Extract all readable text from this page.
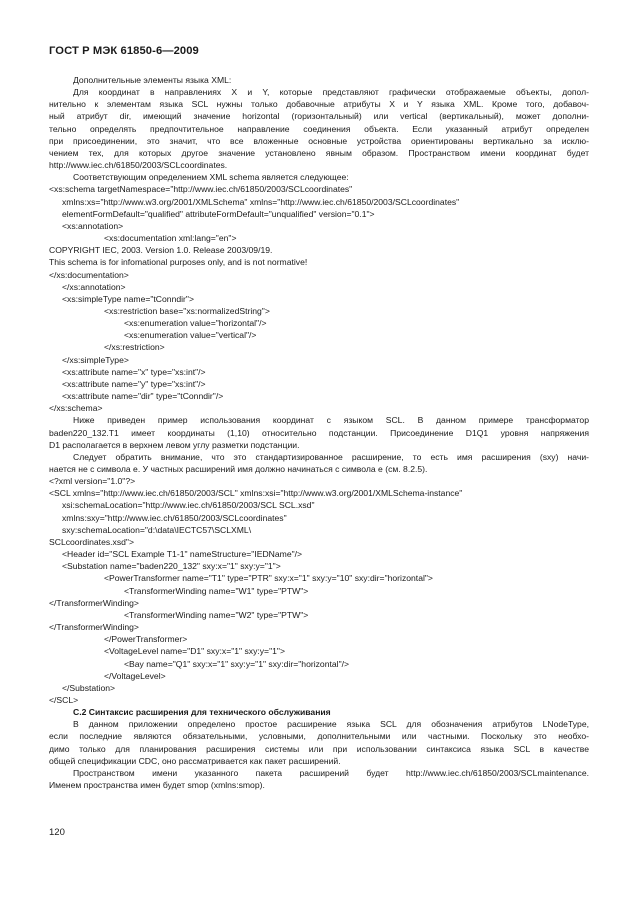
ГОСТ Р МЭК 61850-6—2009
Дополнительные элементы языка XML:
Для координат в направлениях X и Y, которые представляют графически отображаемые объекты, допол-
нительно к элементам языка SCL нужны только добавочные атрибуты X и Y языка XML. Кроме того, добавоч-
ный атрибут dir, имеющий значение horizontal (горизонтальный) или vertical (вертикальный), может дополни-
тельно определять предпочтительное направление соединения объекта. Если указанный атрибут определен
при присоединении, это значит, что все вложенные основные устройства ориентированы вертикально за исклю-
чением тех, для которых другое значение установлено явным образом. Пространством имени координат будет
http://www.iec.ch/61850/2003/SCLcoordinates.
Соответствующим определением XML schema является следующее:
<xs:schema targetNamespace="http://www.iec.ch/61850/2003/SCLcoordinates"
xmlns:xs="http://www.w3.org/2001/XMLSchema" xmlns="http://www.iec.ch/61850/2003/SCLcoordinates"
elementFormDefault="qualified" attributeFormDefault="unqualified" version="0.1">
<xs:annotation>
<xs:documentation xml:lang="en">
COPYRIGHT IEC, 2003. Version 1.0. Release 2003/09/19.
This schema is for infomational purposes only, and is not normative!
</xs:documentation>
</xs:annotation>
<xs:simpleType name="tConndir">
<xs:restriction base="xs:normalizedString">
<xs:enumeration value="horizontal"/>
<xs:enumeration value="vertical"/>
</xs:restriction>
</xs:simpleType>
<xs:attribute name="x" type="xs:int"/>
<xs:attribute name="y" type="xs:int"/>
<xs:attribute name="dir" type="tConndir"/>
</xs:schema>
Ниже приведен пример использования координат с языком SCL. В данном примере трансформатор
baden220_132.T1 имеет координаты (1,10) относительно подстанции. Присоединение D1Q1 уровня напряжения
D1 располагается в верхнем левом углу разметки подстанции.
Следует обратить внимание, что это стандартизированное расширение, то есть имя расширения (sxy) начи-
нается не с символа е. У частных расширений имя должно начинаться с символа е (см. 8.2.5).
<?xml version="1.0"?>
<SCL xmlns="http://www.iec.ch/61850/2003/SCL" xmlns:xsi="http://www.w3.org/2001/XMLSchema-instance"
xsi:schemaLocation="http://www.iec.ch/61850/2003/SCL SCL.xsd"
xmlns:sxy="http://www.iec.ch/61850/2003/SCLcoordinates"
sxy:schemaLocation="d:\data\IECTC57\SCLXML\
SCLcoordinates.xsd">
<Header id="SCL Example T1-1" nameStructure="IEDName"/>
<Substation name="baden220_132" sxy:x="1" sxy:y="1">
<PowerTransformer name="T1" type="PTR" sxy:x="1" sxy:y="10" sxy:dir="horizontal">
<TransformerWinding name="W1" type="PTW">
</TransformerWinding>
<TransformerWinding name="W2" type="PTW">
</TransformerWinding>
</PowerTransformer>
<VoltageLevel name="D1" sxy:x="1" sxy:y="1">
<Bay name="Q1" sxy:x="1" sxy:y="1" sxy:dir="horizontal"/>
</VoltageLevel>
</Substation>
</SCL>
С.2 Синтаксис расширения для технического обслуживания
В данном приложении определено простое расширение языка SCL для обозначения атрибутов LNodeType,
если последние являются обязательными, условными, дополнительными или частными. Поскольку это необхо-
димо только для планирования расширения системы или при использовании синтаксиса языка SCL в качестве
общей спецификации CDC, оно рассматривается как пакет расширений.
Пространством имени указанного пакета расширений будет http://www.iec.ch/61850/2003/SCLmaintenance.
Именем пространства имен будет smop (xmlns:smop).
120
